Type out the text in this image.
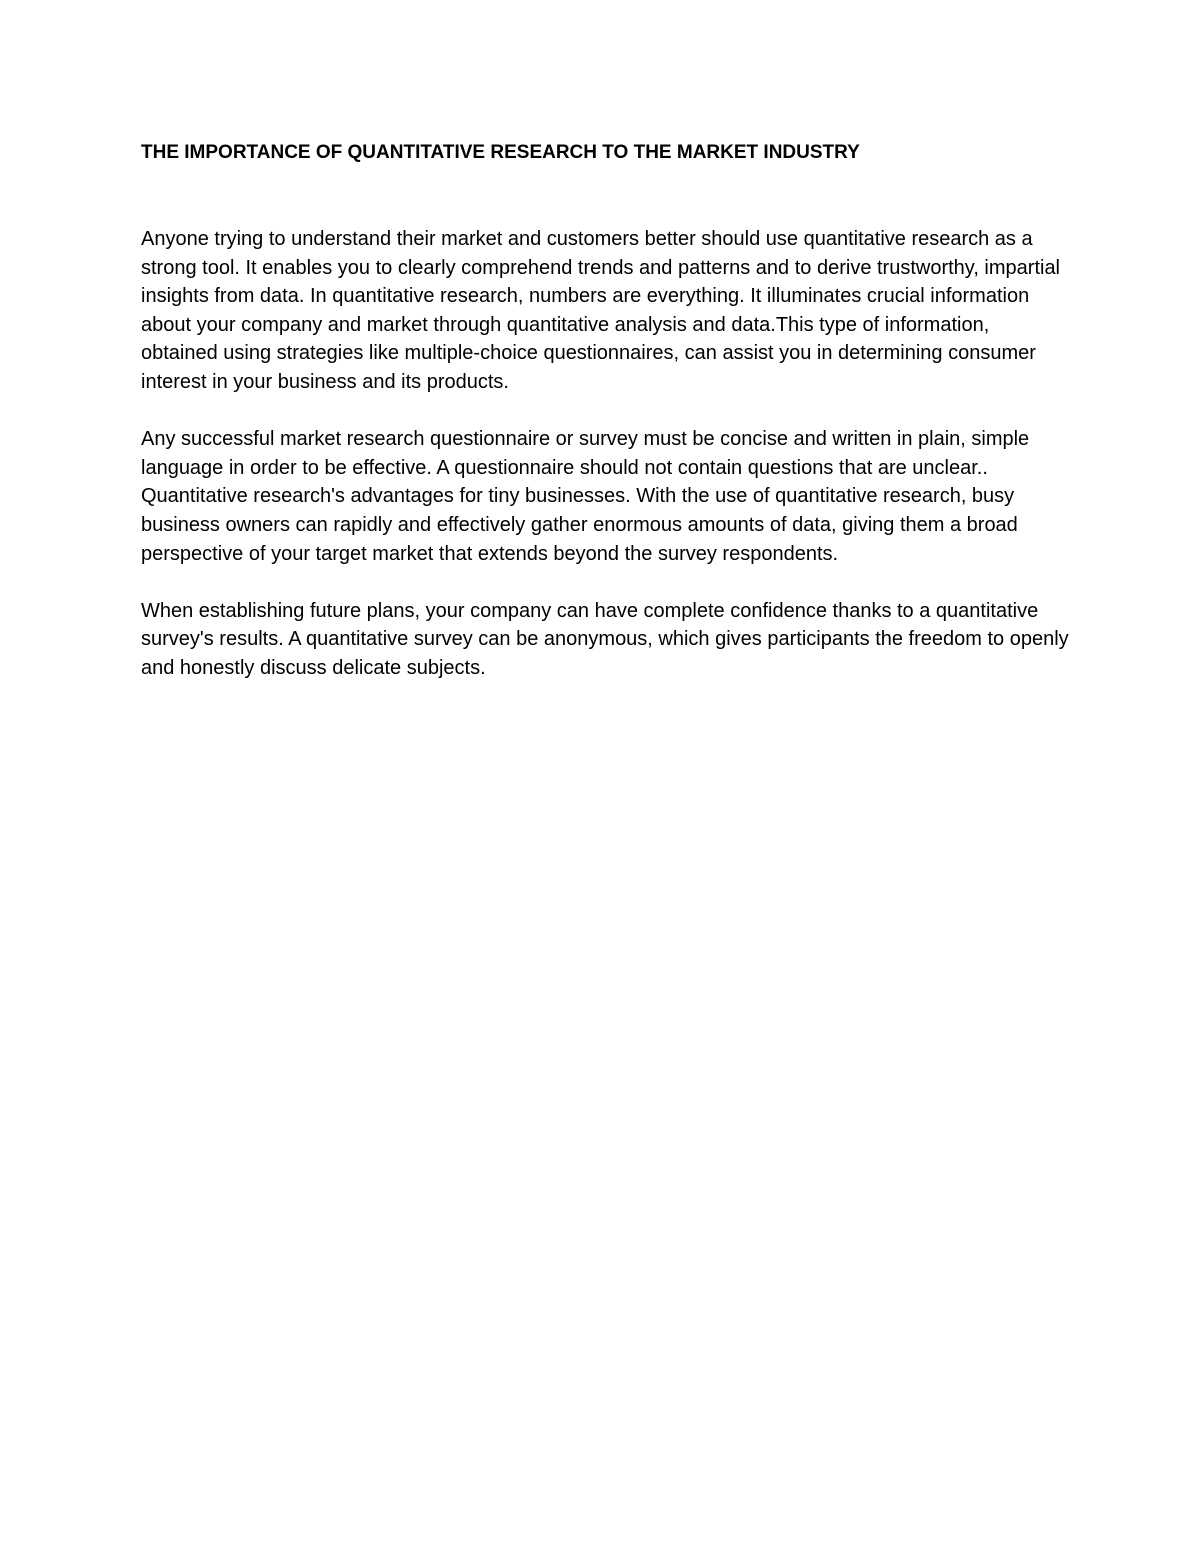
THE IMPORTANCE OF QUANTITATIVE RESEARCH TO THE MARKET INDUSTRY

Anyone trying to understand their market and customers better should use quantitative research as a strong tool. It enables you to clearly comprehend trends and patterns and to derive trustworthy, impartial insights from data. In quantitative research, numbers are everything. It illuminates crucial information about your company and market through quantitative analysis and data.This type of information, obtained using strategies like multiple-choice questionnaires, can assist you in determining consumer interest in your business and its products.

Any successful market research questionnaire or survey must be concise and written in plain, simple language in order to be effective. A questionnaire should not contain questions that are unclear.. Quantitative research's advantages for tiny businesses. With the use of quantitative research, busy business owners can rapidly and effectively gather enormous amounts of data, giving them a broad perspective of your target market that extends beyond the survey respondents.

When establishing future plans, your company can have complete confidence thanks to a quantitative survey's results. A quantitative survey can be anonymous, which gives participants the freedom to openly and honestly discuss delicate subjects.
